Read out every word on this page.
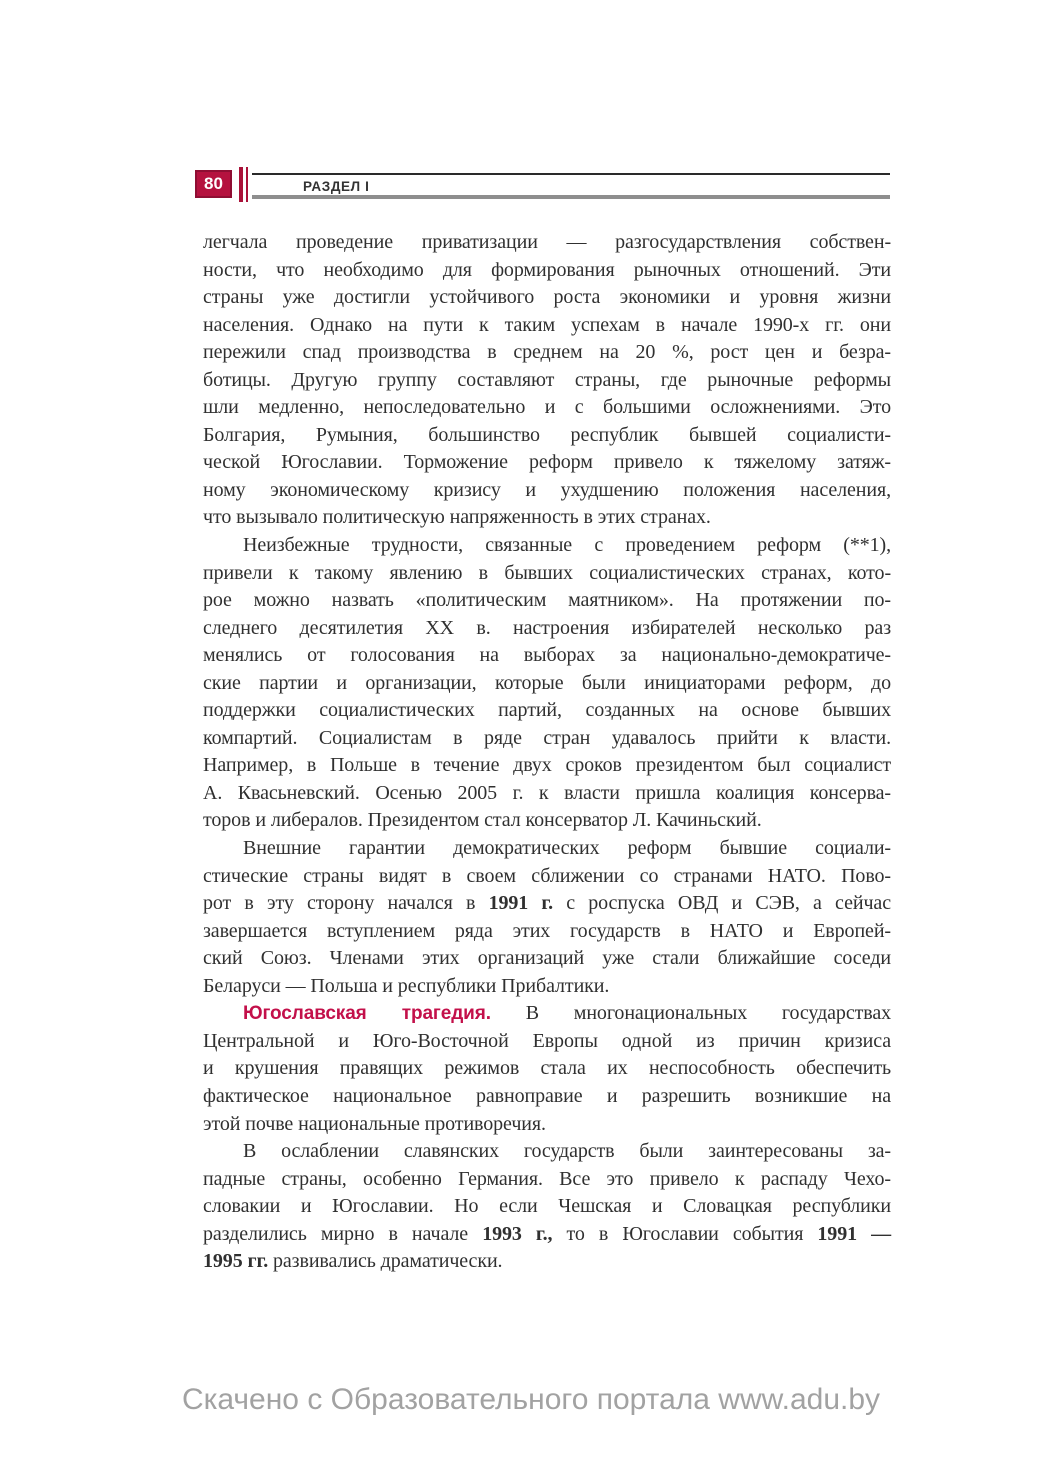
80	РАЗДЕЛ I
легчала проведение приватизации — разгосударствления собствен-
ности, что необходимо для формирования рыночных отношений. Эти
страны уже достигли устойчивого роста экономики и уровня жизни
населения. Однако на пути к таким успехам в начале 1990-х гг. они
пережили спад производства в среднем на 20 %, рост цен и безра-
ботицы. Другую группу составляют страны, где рыночные реформы
шли медленно, непоследовательно и с большими осложнениями. Это
Болгария, Румыния, большинство республик бывшей социалисти-
ческой Югославии. Торможение реформ привело к тяжелому затяж-
ному экономическому кризису и ухудшению положения населения,
что вызывало политическую напряженность в этих странах.
Неизбежные трудности, связанные с проведением реформ (**1),
привели к такому явлению в бывших социалистических странах, кото-
рое можно назвать «политическим маятником». На протяжении по-
следнего десятилетия XX в. настроения избирателей несколько раз
менялись от голосования на выборах за национально-демократиче-
ские партии и организации, которые были инициаторами реформ, до
поддержки социалистических партий, созданных на основе бывших
компартий. Социалистам в ряде стран удавалось прийти к власти.
Например, в Польше в течение двух сроков президентом был социалист
А. Квасьневский. Осенью 2005 г. к власти пришла коалиция консерва-
торов и либералов. Президентом стал консерватор Л. Качиньский.
Внешние гарантии демократических реформ бывшие социали-
стические страны видят в своем сближении со странами НАТО. Пово-
рот в эту сторону начался в 1991 г. с роспуска ОВД и СЭВ, а сейчас
завершается вступлением ряда этих государств в НАТО и Европей-
ский Союз. Членами этих организаций уже стали ближайшие соседи
Беларуси — Польша и республики Прибалтики.
Югославская трагедия. В многонациональных государствах
Центральной и Юго-Восточной Европы одной из причин кризиса
и крушения правящих режимов стала их неспособность обеспечить
фактическое национальное равноправие и разрешить возникшие на
этой почве национальные противоречия.
В ослаблении славянских государств были заинтересованы за-
падные страны, особенно Германия. Все это привело к распаду Чехо-
словакии и Югославии. Но если Чешская и Словацкая республики
разделились мирно в начале 1993 г., то в Югославии события 1991 —
1995 гг. развивались драматически.
Скачено с Образовательного портала www.adu.by
